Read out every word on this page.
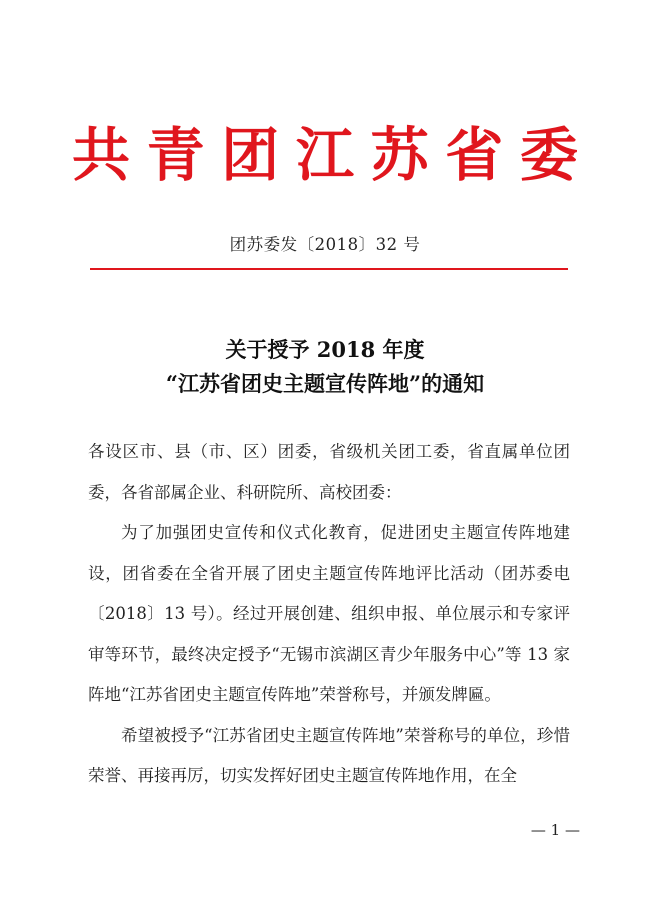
共 青 团 江 苏 省 委
团苏委发〔2018〕32 号
关于授予 2018 年度
“江苏省团史主题宣传阵地”的通知

各设区市、县（市、区）团委，省级机关团工委，省直属单位团委，各省部属企业、科研院所、高校团委：

为了加强团史宣传和仪式化教育，促进团史主题宣传阵地建设，团省委在全省开展了团史主题宣传阵地评比活动（团苏委电〔2018〕13 号）。经过开展创建、组织申报、单位展示和专家评审等环节，最终决定授予“无锡市滨湖区青少年服务中心”等 13 家阵地“江苏省团史主题宣传阵地”荣誉称号，并颁发牌匾。

希望被授予“江苏省团史主题宣传阵地”荣誉称号的单位，珍惜荣誉、再接再厉，切实发挥好团史主题宣传阵地作用，在全

— 1 —
